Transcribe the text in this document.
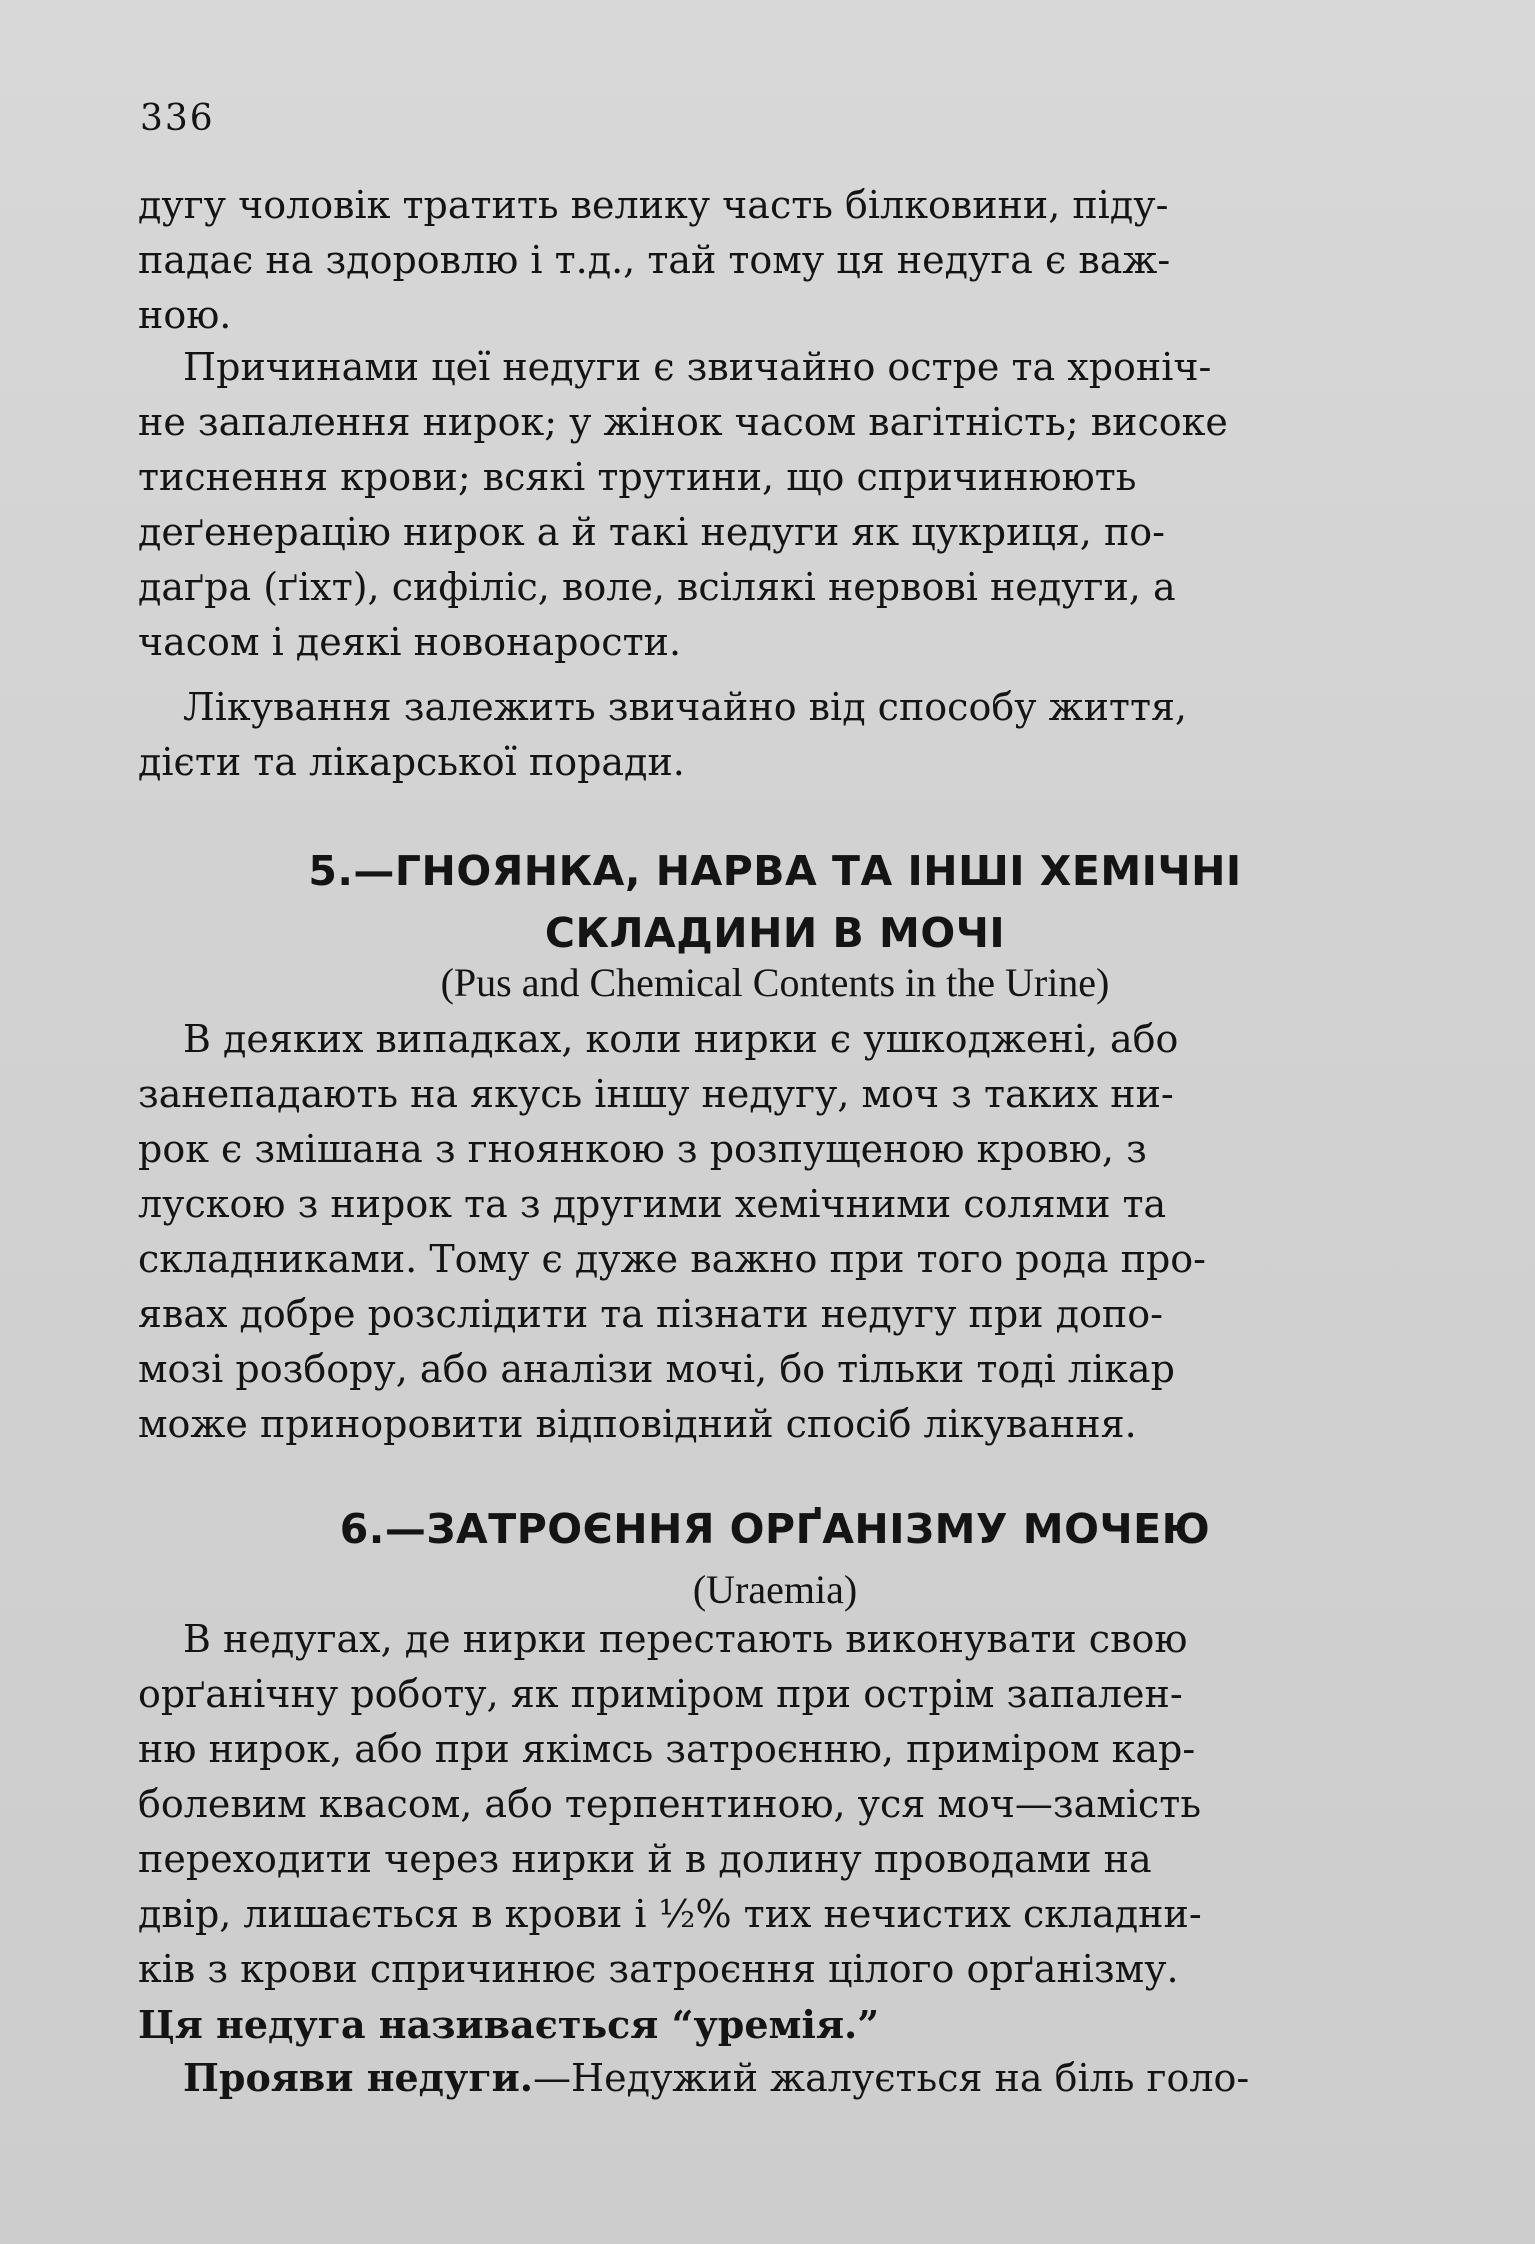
336
дугу чоловік тратить велику часть білковини, піду-
падає на здоровлю і т.д., тай тому ця недуга є важ-
ною.
Причинами цеї недуги є звичайно остре та хроніч-
не запалення нирок; у жінок часом вагітність; високе
тиснення крови; всякі трутини, що спричинюють
деґенерацію нирок а й такі недуги як цукриця, по-
даґра (ґіхт), сифіліс, воле, всілякі нервові недуги, а
часом і деякі новонарости.
Лікування залежить звичайно від способу життя,
дієти та лікарської поради.
5.—ГНОЯНКА, НАРВА ТА ІНШІ ХЕМІЧНІ
СКЛАДИНИ В МОЧІ
(Pus and Chemical Contents in the Urine)
В деяких випадках, коли нирки є ушкоджені, або
занепадають на якусь іншу недугу, моч з таких ни-
рок є змішана з гноянкою з розпущеною кровю, з
лускою з нирок та з другими хемічними солями та
складниками. Тому є дуже важно при того рода про-
явах добре розслідити та пізнати недугу при допо-
мозі розбору, або аналізи мочі, бо тільки тоді лікар
може приноровити відповідний спосіб лікування.
6.—ЗАТРОЄННЯ ОРҐАНІЗМУ МОЧЕЮ
(Uraemia)
В недугах, де нирки перестають виконувати свою
орґанічну роботу, як приміром при острім запален-
ню нирок, або при якімсь затроєнню, приміром кар-
болевим квасом, або терпентиною, уся моч—замість
переходити через нирки й в долину проводами на
двір, лишається в крови і ½% тих нечистих складни-
ків з крови спричинює затроєння цілого орґанізму.
Ця недуга називається “уремія.”
Прояви недуги.—Недужий жалується на біль голо-
